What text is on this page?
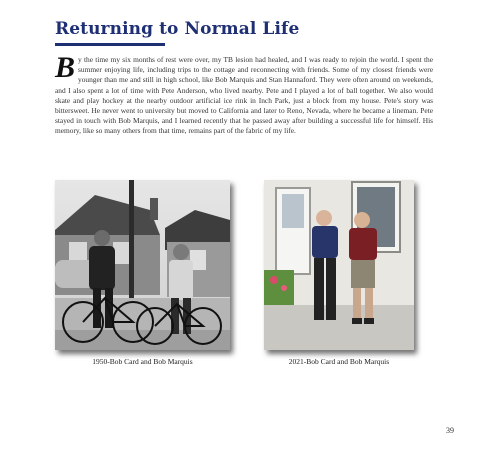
Returning to Normal Life
B y the time my six months of rest were over, my TB lesion had healed, and I was ready to rejoin the world. I spent the summer enjoying life, including trips to the cottage and reconnecting with friends. Some of my closest friends were younger than me and still in high school, like Bob Marquis and Stan Hannaford. They were often around on weekends, and I also spent a lot of time with Pete Anderson, who lived nearby. Pete and I played a lot of ball together. We also would skate and play hockey at the nearby outdoor artificial ice rink in Inch Park, just a block from my house. Pete's story was bittersweet. He never went to university but moved to California and later to Reno, Nevada, where he became a lineman. Pete stayed in touch with Bob Marquis, and I learned recently that he passed away after building a successful life for himself. His memory, like so many others from that time, remains part of the fabric of my life.
1950-Bob Card and Bob Marquis	2021-Bob Card and Bob Marquis
39
